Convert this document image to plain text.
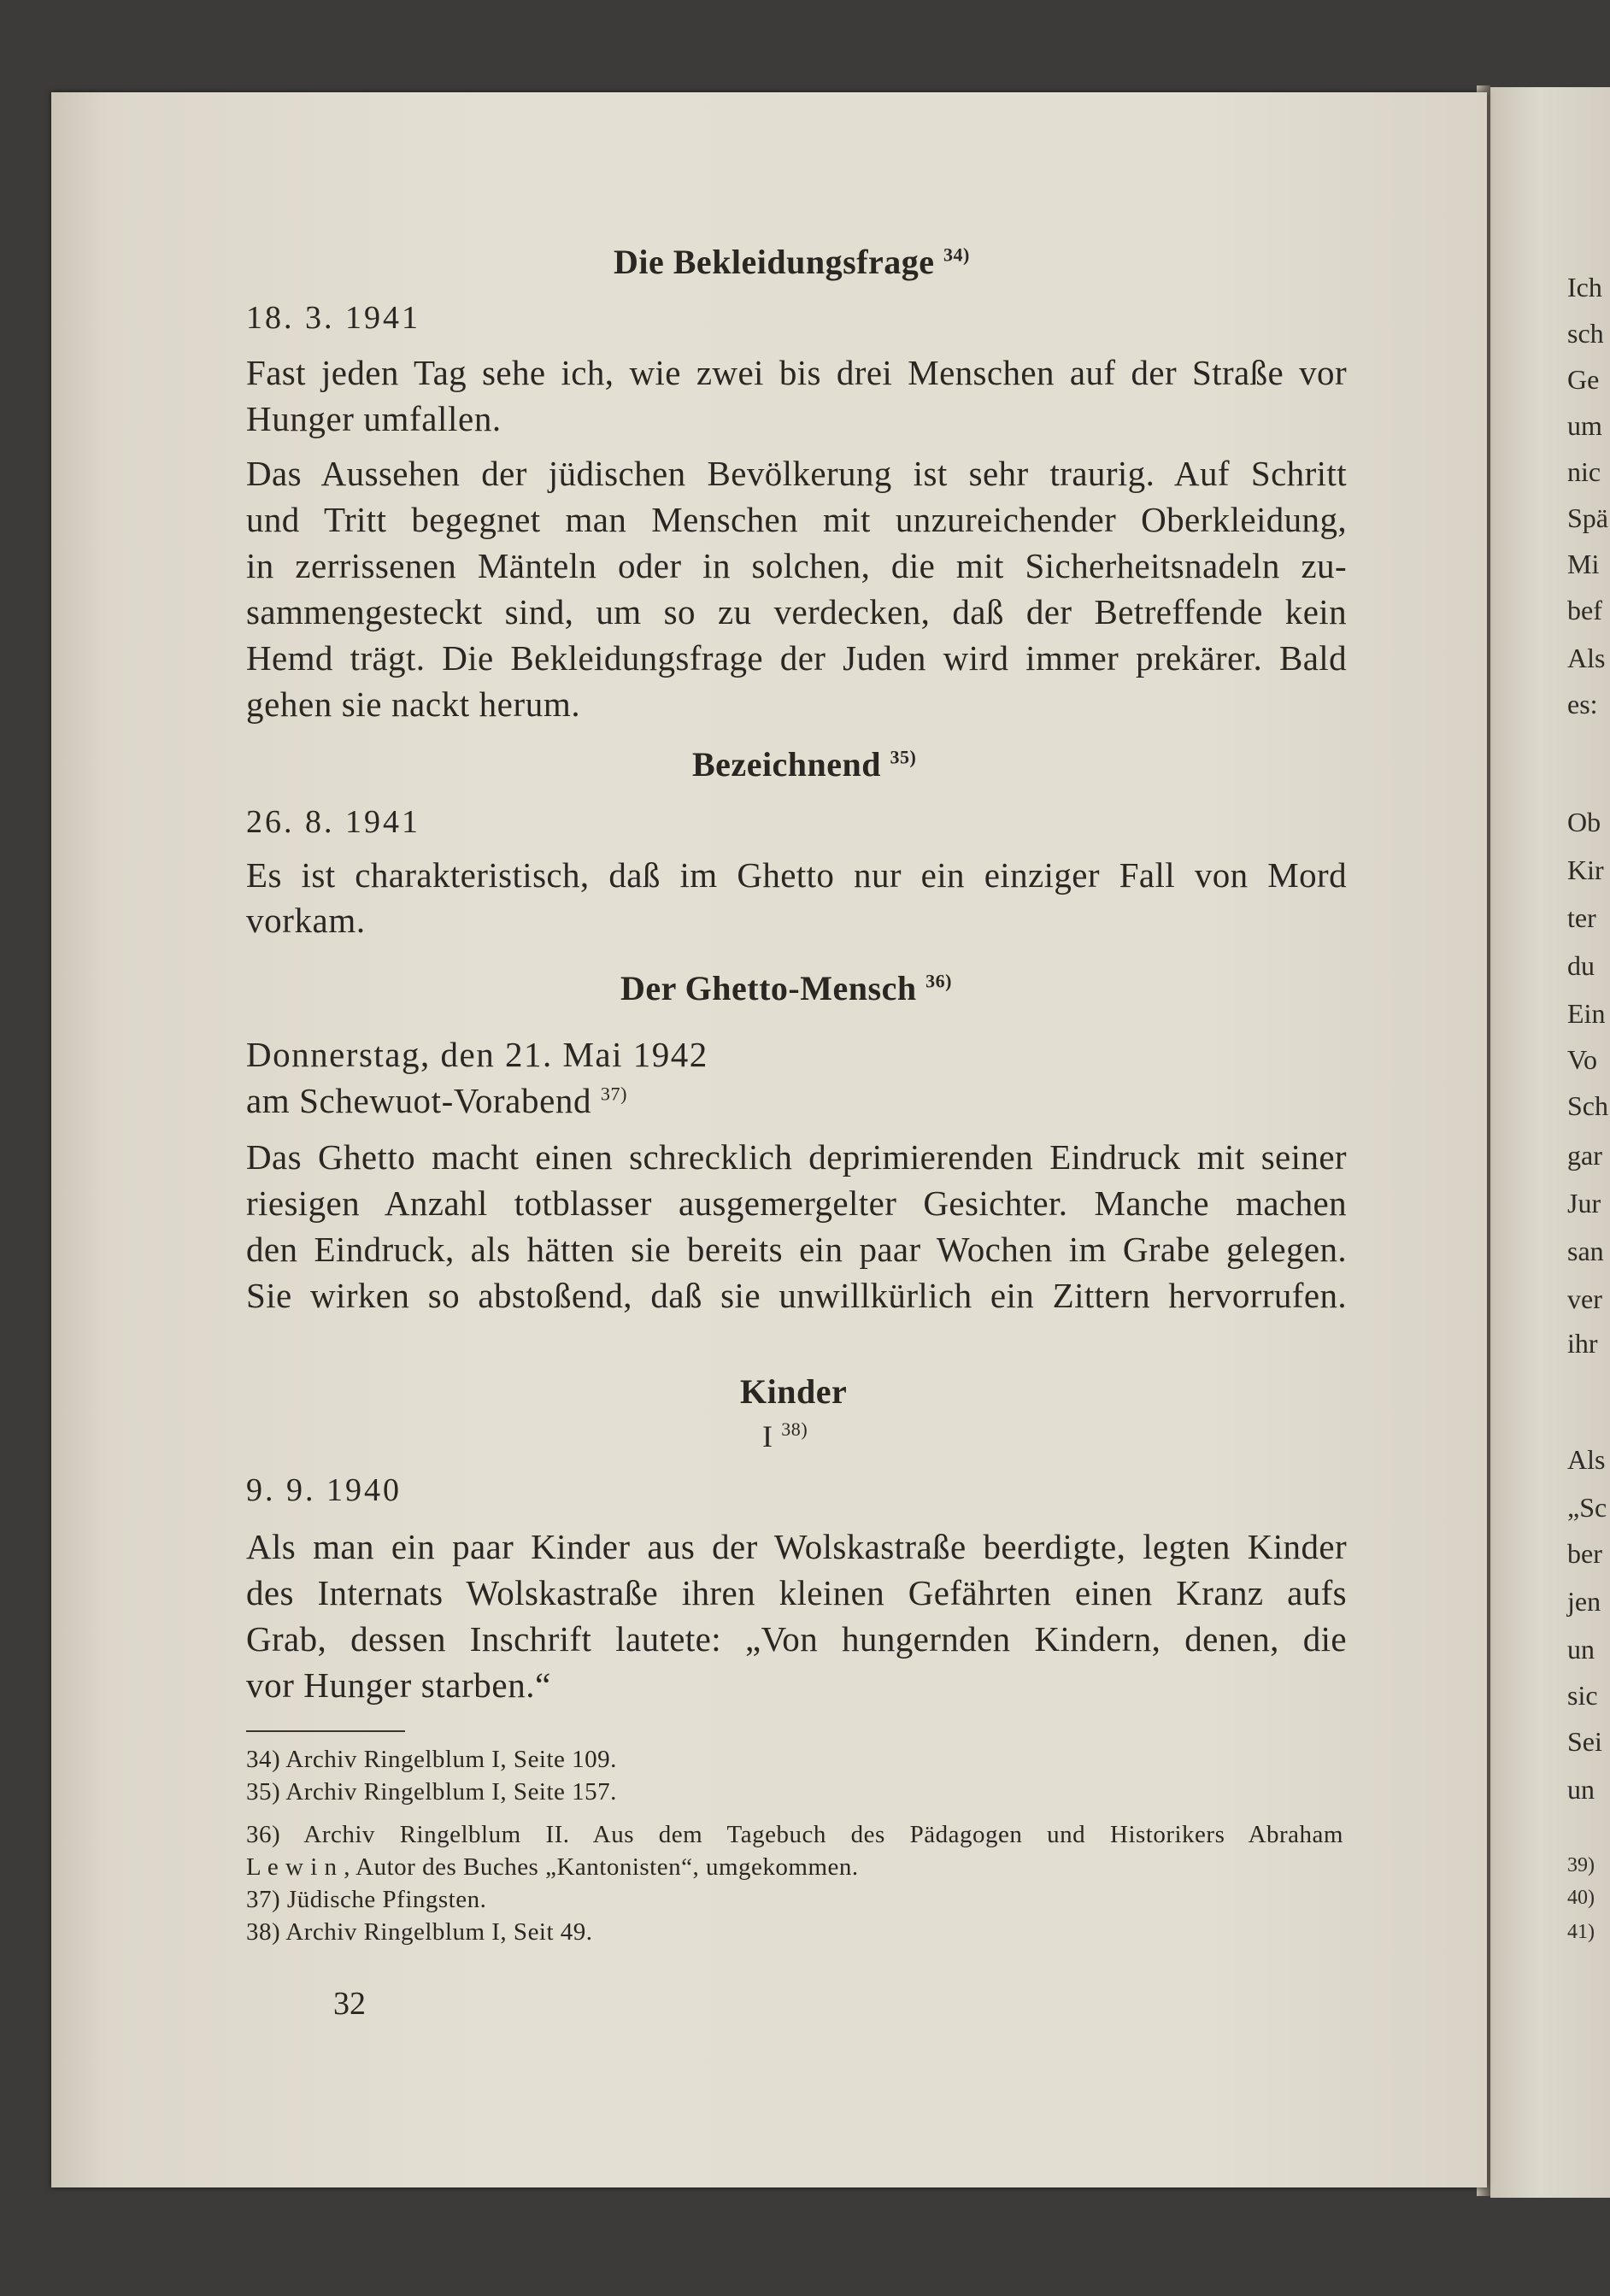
Die Bekleidungsfrage $^{34)}$
18. 3. 1941
Fast jeden Tag sehe ich, wie zwei bis drei Menschen auf der Straße vor
Hunger umfallen.
Das Aussehen der jüdischen Bevölkerung ist sehr traurig. Auf Schritt
und Tritt begegnet man Menschen mit unzureichender Oberkleidung,
in zerrissenen Mänteln oder in solchen, die mit Sicherheitsnadeln zu-
sammengesteckt sind, um so zu verdecken, daß der Betreffende kein
Hemd trägt. Die Bekleidungsfrage der Juden wird immer prekärer. Bald
gehen sie nackt herum.
Bezeichnend $^{35)}$
26. 8. 1941
Es ist charakteristisch, daß im Ghetto nur ein einziger Fall von Mord
vorkam.
Der Ghetto-Mensch $^{36)}$
Donnerstag, den 21. Mai 1942
am Schewuot-Vorabend $^{37)}$
Das Ghetto macht einen schrecklich deprimierenden Eindruck mit seiner
riesigen Anzahl totblasser ausgemergelter Gesichter. Manche machen
den Eindruck, als hätten sie bereits ein paar Wochen im Grabe gelegen.
Sie wirken so abstoßend, daß sie unwillkürlich ein Zittern hervorrufen.
Kinder
I $^{38)}$
9. 9. 1940
Als man ein paar Kinder aus der Wolskastraße beerdigte, legten Kinder
des Internats Wolskastraße ihren kleinen Gefährten einen Kranz aufs
Grab, dessen Inschrift lautete: „Von hungernden Kindern, denen, die
vor Hunger starben.“
34) Archiv Ringelblum I, Seite 109.
35) Archiv Ringelblum I, Seite 157.
36) Archiv Ringelblum II. Aus dem Tagebuch des Pädagogen und Historikers Abraham
L e w i n , Autor des Buches „Kantonisten“, umgekommen.
37) Jüdische Pfingsten.
38) Archiv Ringelblum I, Seit 49.
32
Ich
sch
Ge
um
nic
Spä
Mi
bef
Als
es:
Ob
Kir
ter
du
Ein
Vo
Sch
gar
Jur
san
ver
ihr
Als
„Sc
ber
jen
un
sic
Sei
un
39)
40)
41)
